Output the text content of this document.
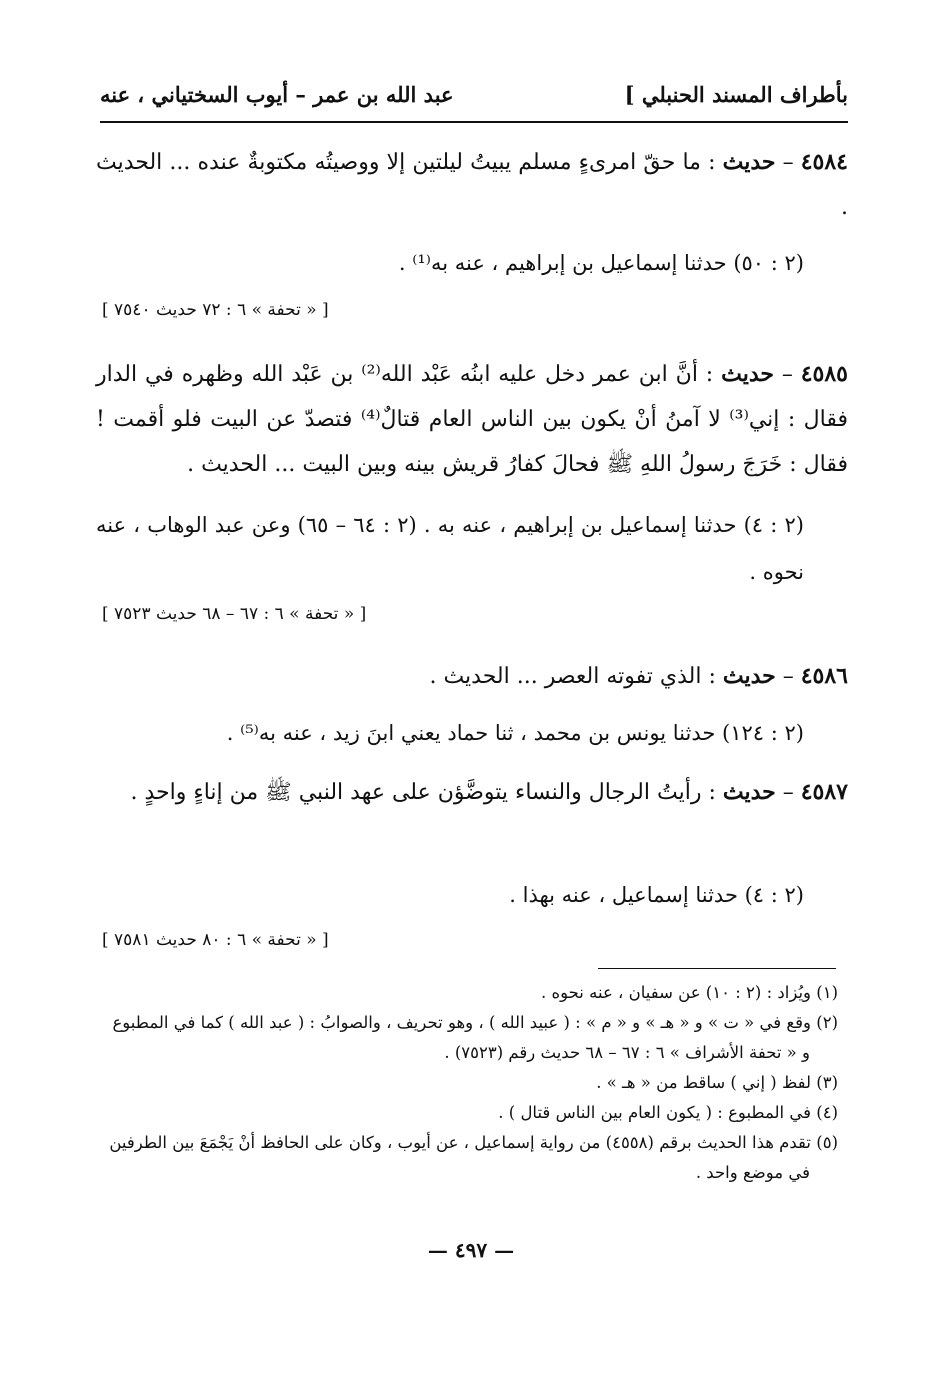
بأطراف المسند الحنبلي ]
عبد الله بن عمر – أيوب السختياني ، عنه
٤٥٨٤ – حديث : ما حقّ امرىءٍ مسلم يبيتُ ليلتين إلا ووصيتُه مكتوبةٌ عنده ... الحديث .
(٢ : ٥٠) حدثنا إسماعيل بن إبراهيم ، عنه به⁽¹⁾ .
[ « تحفة » ٦ : ٧٢ حديث ٧٥٤٠ ]
٤٥٨٥ – حديث : أنَّ ابن عمر دخل عليه ابنُه عَبْد الله⁽²⁾ بن عَبْد الله وظهره في الدار فقال : إني⁽³⁾ لا آمنُ أنْ يكون بين الناس العام قتالٌ⁽⁴⁾ فتصدّ عن البيت فلو أقمت ! فقال : خَرَجَ رسولُ اللهِ ﷺ فحالَ كفارُ قريش بينه وبين البيت ... الحديث .
(٢ : ٤) حدثنا إسماعيل بن إبراهيم ، عنه به . (٢ : ٦٤ – ٦٥) وعن عبد الوهاب ، عنه نحوه .
[ « تحفة » ٦ : ٦٧ – ٦٨ حديث ٧٥٢٣ ]
٤٥٨٦ – حديث : الذي تفوته العصر ... الحديث .
(٢ : ١٢٤) حدثنا يونس بن محمد ، ثنا حماد يعني ابنَ زيد ، عنه به⁽⁵⁾ .
٤٥٨٧ – حديث : رأيتُ الرجال والنساء يتوضَّؤن على عهد النبي ﷺ من إناءٍ واحدٍ .
(٢ : ٤) حدثنا إسماعيل ، عنه بهذا .
[ « تحفة » ٦ : ٨٠ حديث ٧٥٨١ ]
(١) ويُزاد : (٢ : ١٠) عن سفيان ، عنه نحوه .
(٢) وقع في « ت » و « هـ » و « م » : ( عبيد الله ) ، وهو تحريف ، والصوابُ : ( عبد الله ) كما في المطبوع
و « تحفة الأشراف » ٦ : ٦٧ – ٦٨ حديث رقم (٧٥٢٣) .
(٣) لفظ ( إني ) ساقط من « هـ » .
(٤) في المطبوع : ( يكون العام بين الناس قتال ) .
(٥) تقدم هذا الحديث برقم (٤٥٥٨) من رواية إسماعيل ، عن أيوب ، وكان على الحافظ أنْ يَجْمَعَ بين الطرفين
في موضع واحد .
— ٤٩٧ —
